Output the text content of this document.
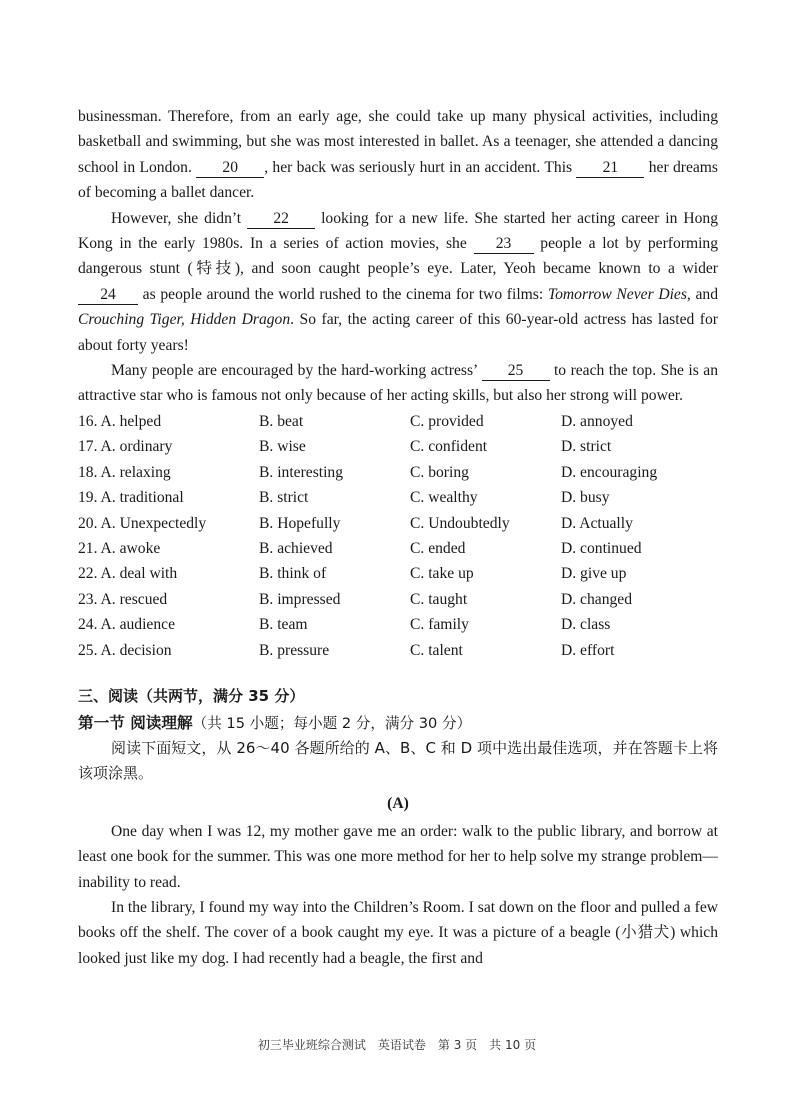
businessman. Therefore, from an early age, she could take up many physical activities, including basketball and swimming, but she was most interested in ballet. As a teenager, she attended a dancing school in London. 20 , her back was seriously hurt in an accident. This 21 her dreams of becoming a ballet dancer.

However, she didn’t 22 looking for a new life. She started her acting career in Hong Kong in the early 1980s. In a series of action movies, she 23 people a lot by performing dangerous stunt (特技), and soon caught people’s eye. Later, Yeoh became known to a wider 24 as people around the world rushed to the cinema for two films: Tomorrow Never Dies, and Crouching Tiger, Hidden Dragon. So far, the acting career of this 60-year-old actress has lasted for about forty years!

Many people are encouraged by the hard-working actress’ 25 to reach the top. She is an attractive star who is famous not only because of her acting skills, but also her strong will power.

16. A. helped	B. beat	C. provided	D. annoyed
17. A. ordinary	B. wise	C. confident	D. strict
18. A. relaxing	B. interesting	C. boring	D. encouraging
19. A. traditional	B. strict	C. wealthy	D. busy
20. A. Unexpectedly	B. Hopefully	C. Undoubtedly	D. Actually
21. A. awoke	B. achieved	C. ended	D. continued
22. A. deal with	B. think of	C. take up	D. give up
23. A. rescued	B. impressed	C. taught	D. changed
24. A. audience	B. team	C. family	D. class
25. A. decision	B. pressure	C. talent	D. effort
三、阅读（共两节，满分 35 分）
第一节 阅读理解（共 15 小题；每小题 2 分，满分 30 分）

阅读下面短文，从 26～40 各题所给的 A、B、C 和 D 项中选出最佳选项，并在答题卡上将该项涂黑。

(A)

One day when I was 12, my mother gave me an order: walk to the public library, and borrow at least one book for the summer. This was one more method for her to help solve my strange problem—inability to read.

In the library, I found my way into the Children’s Room. I sat down on the floor and pulled a few books off the shelf. The cover of a book caught my eye. It was a picture of a beagle (小猎犬) which looked just like my dog. I had recently had a beagle, the first and

初三毕业班综合测试　英语试卷　第 3 页　共 10 页
